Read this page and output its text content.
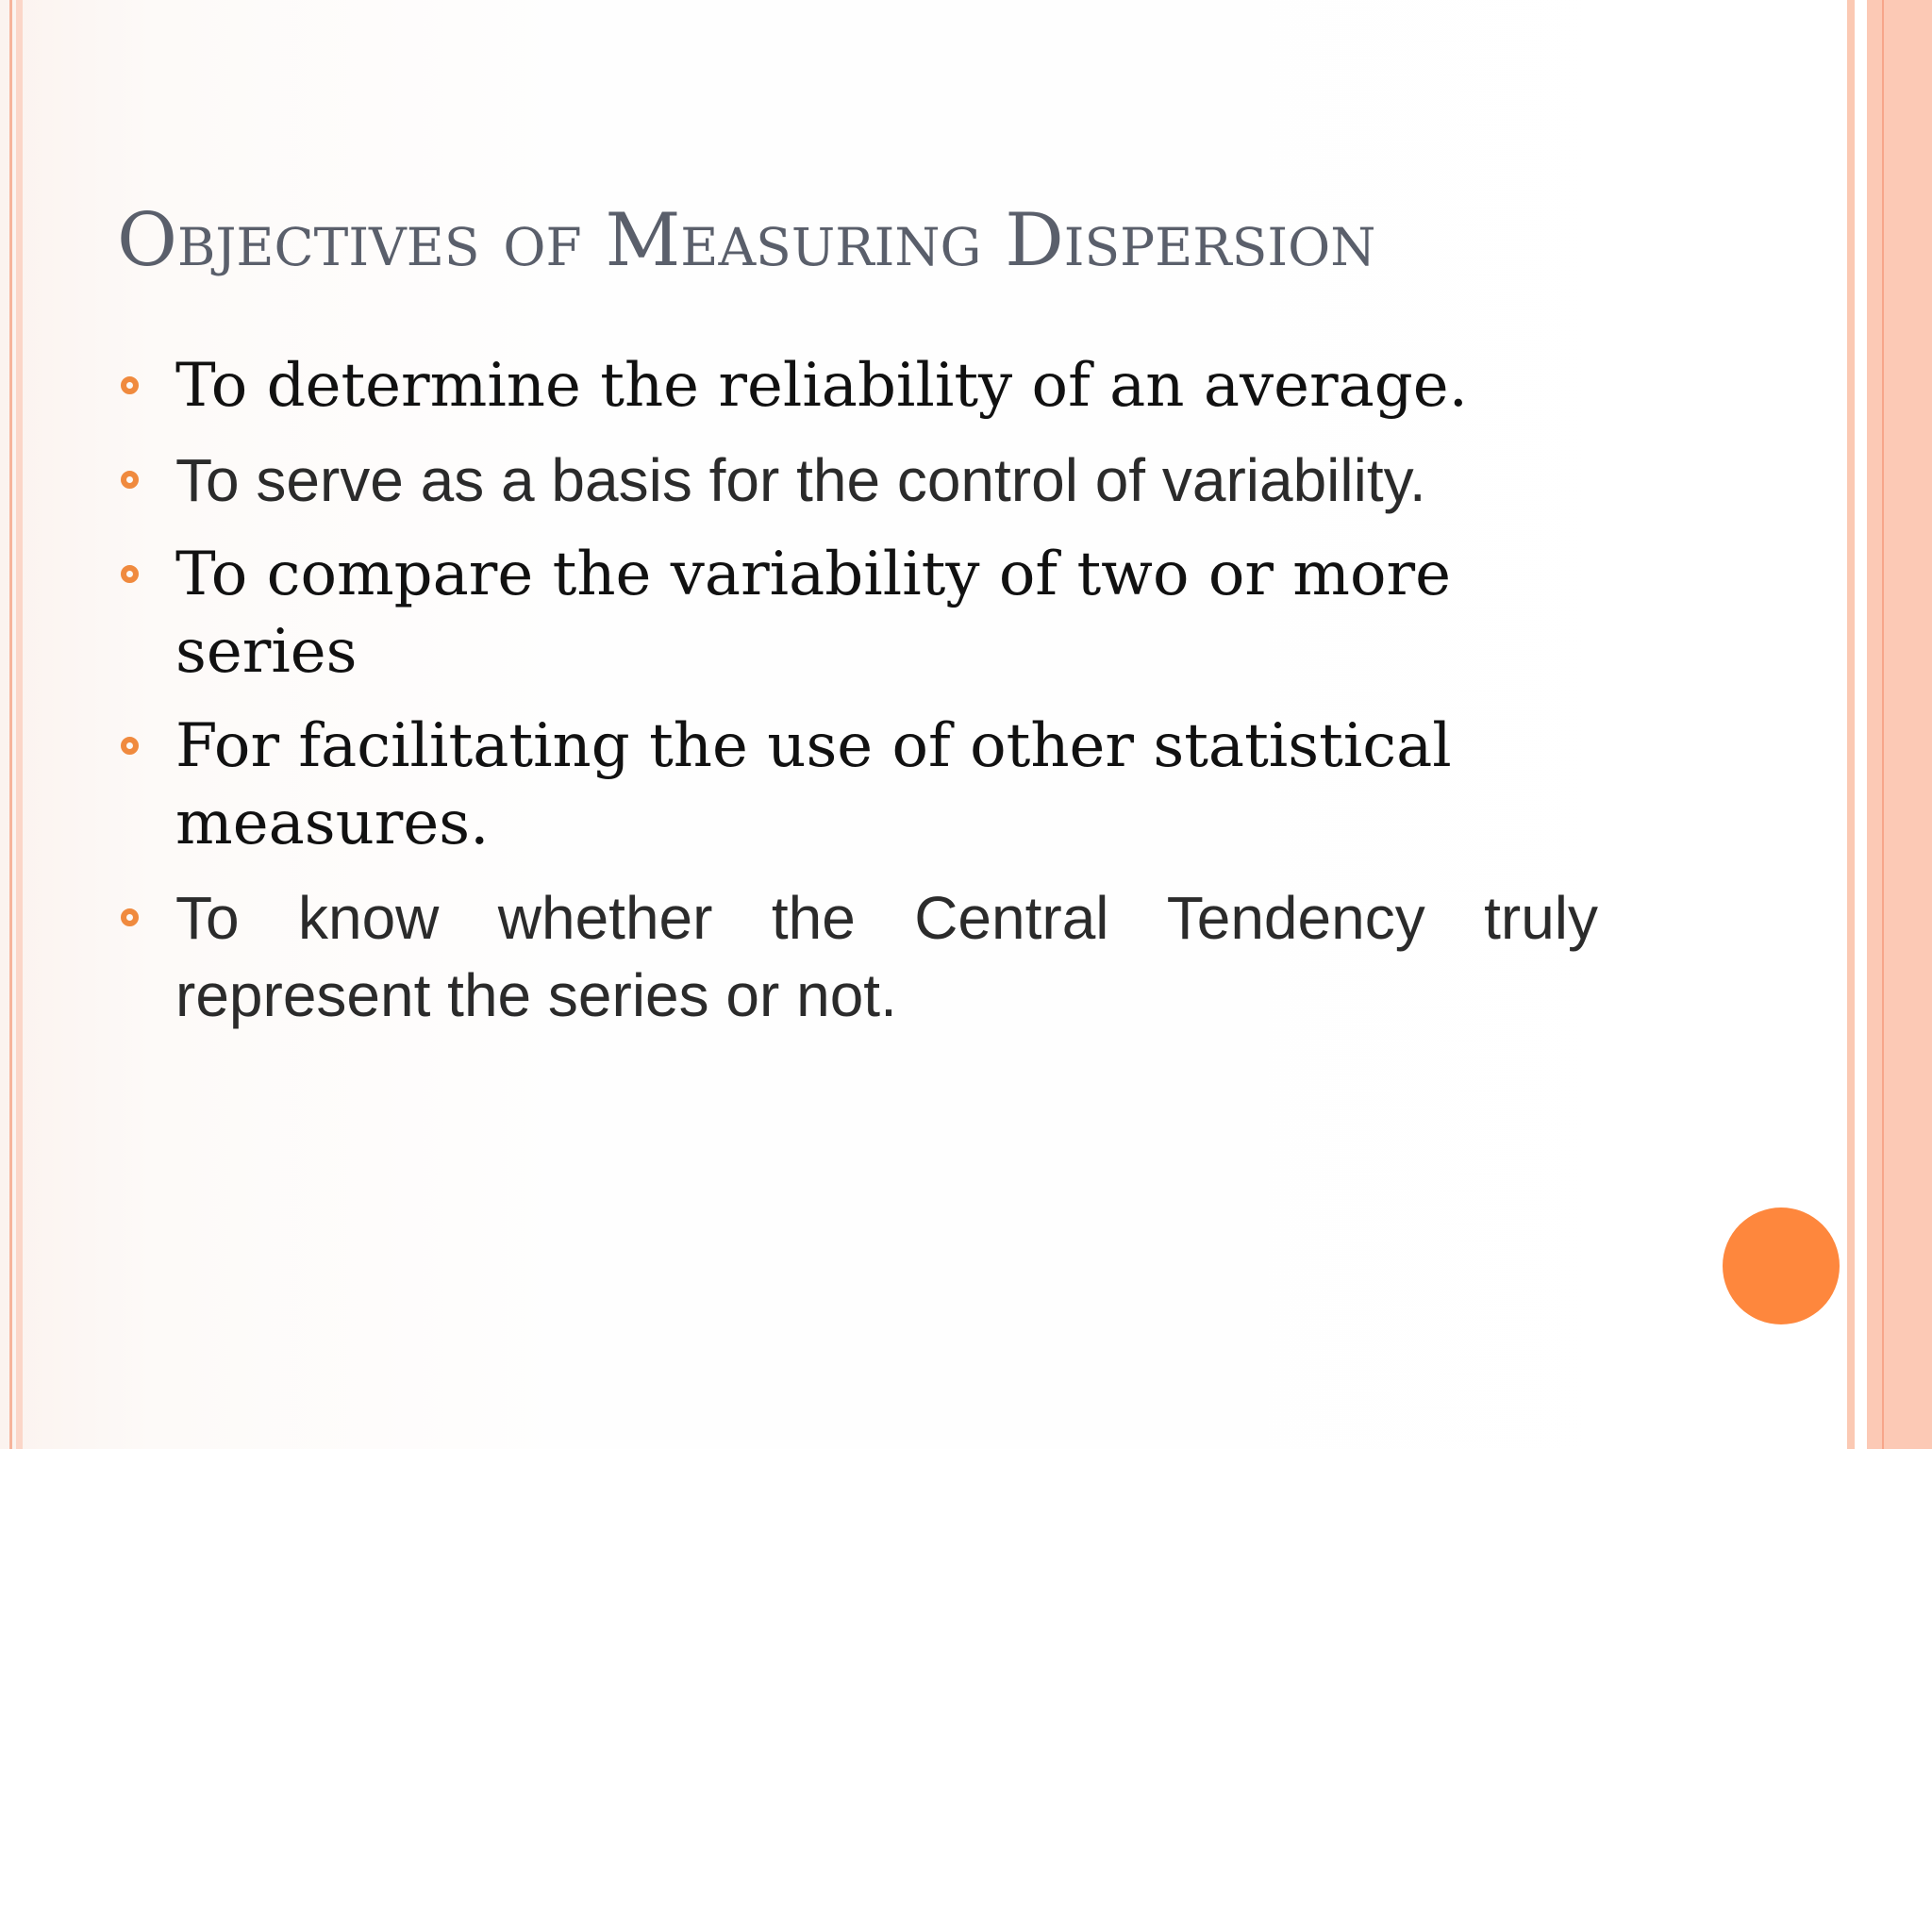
Objectives of Measuring Dispersion
To determine the reliability of an average.
To serve as a basis for the control of variability.
To compare the variability of two or more series
For facilitating the use of other statistical measures.
To know whether the Central Tendency truly represent the series or not.
